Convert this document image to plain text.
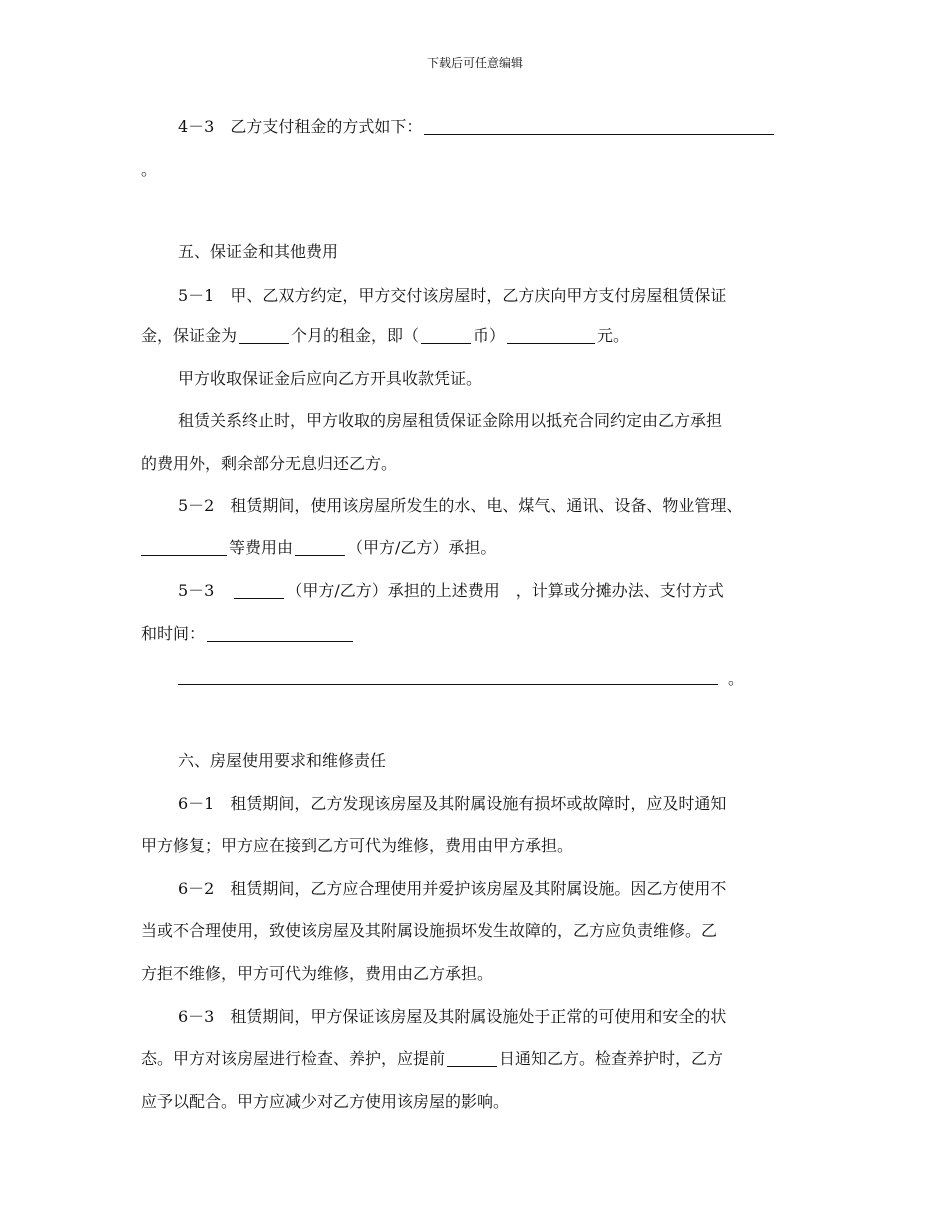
下载后可任意编辑
4－3　乙方支付租金的方式如下：
。
五、保证金和其他费用
5－1　甲、乙双方约定，甲方交付该房屋时，乙方庆向甲方支付房屋租赁保证
金，保证金为	个月的租金，即（	币）	元。
甲方收取保证金后应向乙方开具收款凭证。
租赁关系终止时，甲方收取的房屋租赁保证金除用以抵充合同约定由乙方承担
的费用外，剩余部分无息归还乙方。
5－2　租赁期间，使用该房屋所发生的水、电、煤气、通讯、设备、物业管理、
等费用由	（甲方/乙方）承担。
5－3	（甲方/乙方）承担的上述费用　，计算或分摊办法、支付方式
和时间：
。
六、房屋使用要求和维修责任
6－1　租赁期间，乙方发现该房屋及其附属设施有损坏或故障时，应及时通知
甲方修复；甲方应在接到乙方可代为维修，费用由甲方承担。
6－2　租赁期间，乙方应合理使用并爱护该房屋及其附属设施。因乙方使用不
当或不合理使用，致使该房屋及其附属设施损坏发生故障的，乙方应负责维修。乙
方拒不维修，甲方可代为维修，费用由乙方承担。
6－3　租赁期间，甲方保证该房屋及其附属设施处于正常的可使用和安全的状
态。甲方对该房屋进行检查、养护，应提前	日通知乙方。检查养护时，乙方
应予以配合。甲方应减少对乙方使用该房屋的影响。
